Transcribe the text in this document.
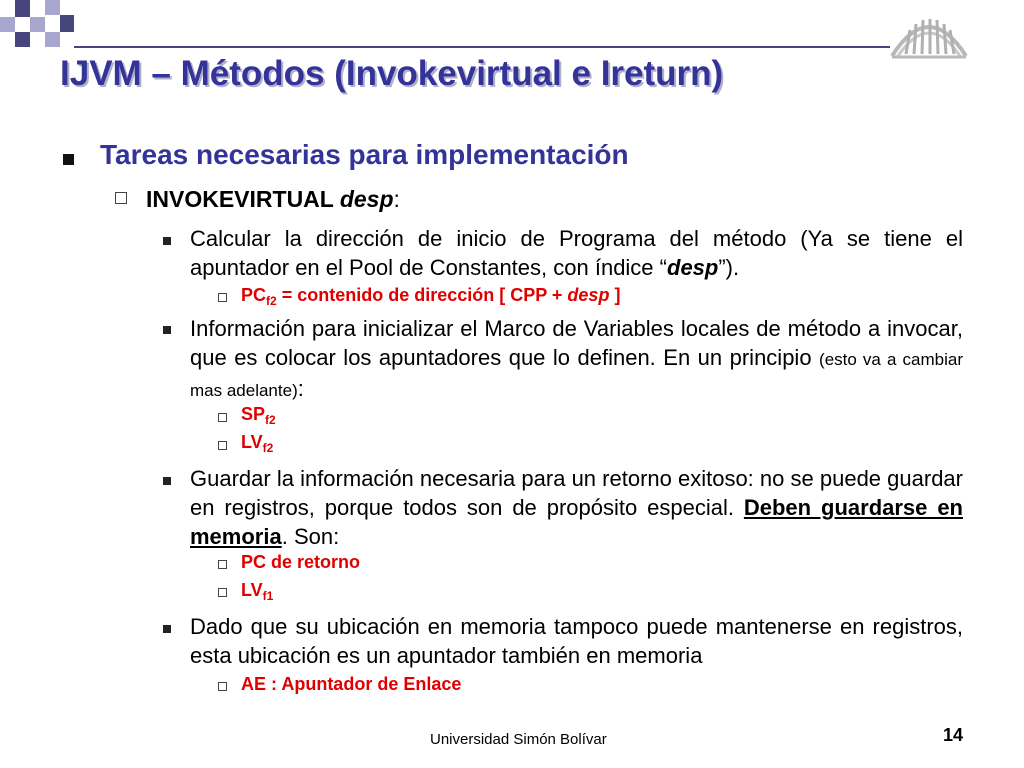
IJVM – Métodos (Invokevirtual e Ireturn)
Tareas necesarias para implementación
INVOKEVIRTUAL desp:
Calcular la dirección de inicio de Programa del método (Ya se tiene el apuntador en el Pool de Constantes, con índice “desp”).
$PC_{f2}$ = contenido de dirección [ CPP + desp ]
Información para inicializar el Marco de Variables locales de método a invocar, que es colocar los apuntadores que lo definen. En un principio (esto va a cambiar mas adelante):
$SP_{f2}$
$LV_{f2}$
Guardar la información necesaria para un retorno exitoso: no se puede guardar en registros, porque todos son de propósito especial. Deben guardarse en memoria. Son:
PC de retorno
$LV_{f1}$
Dado que su ubicación en memoria tampoco puede mantenerse en registros, esta ubicación es un apuntador también en memoria
AE : Apuntador de Enlace
Universidad Simón Bolívar	14
